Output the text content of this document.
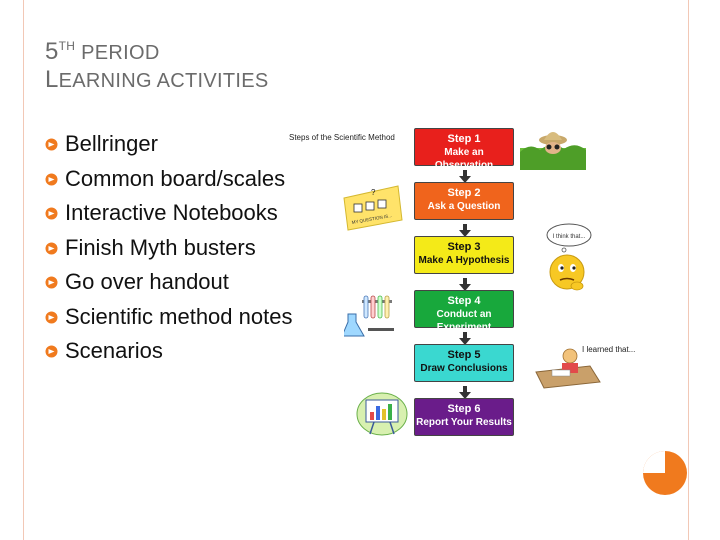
5TH PERIOD
LEARNING ACTIVITIES
Bellringer
Common board/scales
Interactive Notebooks
Finish Myth busters
Go over handout
Scientific method notes
Scenarios
Steps of the Scientific Method	Step 1
Make an Observation
Step 2
Ask a Question
Step 3
Make A Hypothesis
Step 4
Conduct an Experiment
Step 5
Draw Conclusions
Step 6
Report Your Results
?
MY QUESTION IS...
I think that...
I learned that...
